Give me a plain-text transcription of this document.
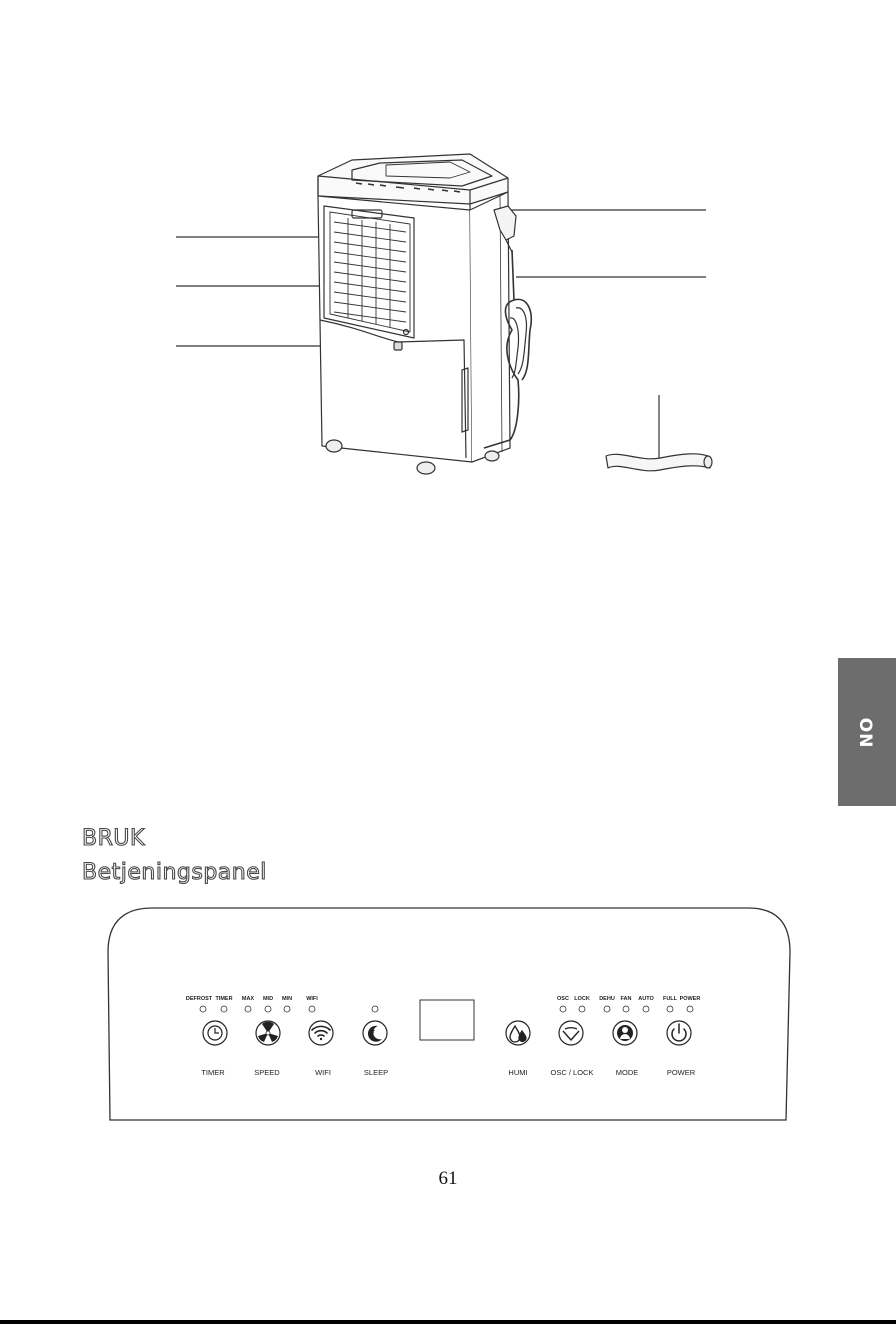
NO
BRUK
Betjeningspanel
DEFROST TIMER MAX MID MIN	WIFI	OSC LOCK DEHU FAN AUTO FULL POWER
TIMER	SPEED	WIFI	SLEEP	HUMI	OSC / LOCK	MODE	POWER
61
